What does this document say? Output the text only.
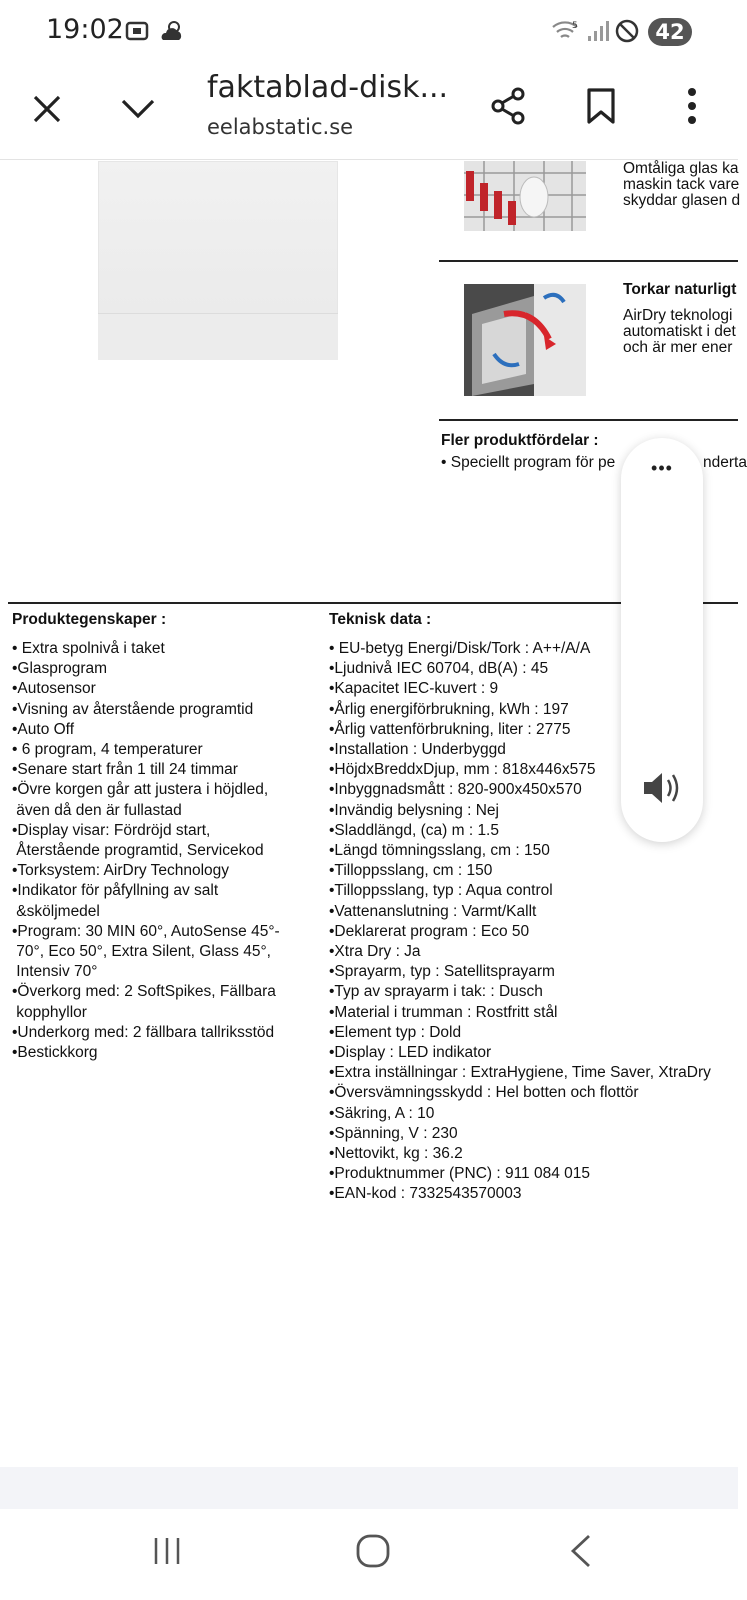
19:02	5	42
faktablad-disk...
eelabstatic.se
Omtåliga glas ka
maskin tack vare
skyddar glasen d
Torkar naturligt
AirDry teknologi
automatiskt i det
och är mer ener
Fler produktfördelar :
• Speciellt program för pe	nderta
Produktegenskaper :
• Extra spolnivå i taket
•Glasprogram
•Autosensor
•Visning av återstående programtid
•Auto Off
• 6 program, 4 temperaturer
•Senare start från 1 till 24 timmar
•Övre korgen går att justera i höjdled,
även då den är fullastad
•Display visar: Fördröjd start,
Återstående programtid, Servicekod
•Torksystem: AirDry Technology
•Indikator för påfyllning av salt
&sköljmedel
•Program: 30 MIN 60°, AutoSense 45°-
70°, Eco 50°, Extra Silent, Glass 45°,
Intensiv 70°
•Överkorg med: 2 SoftSpikes, Fällbara
kopphyllor
•Underkorg med: 2 fällbara tallriksstöd
•Bestickkorg
Teknisk data :
• EU-betyg Energi/Disk/Tork : A++/A/A
•Ljudnivå IEC 60704, dB(A) : 45
•Kapacitet IEC-kuvert : 9
•Årlig energiförbrukning, kWh : 197
•Årlig vattenförbrukning, liter : 2775
•Installation : Underbyggd
•HöjdxBreddxDjup, mm : 818x446x575
•Inbyggnadsmått : 820-900x450x570
•Invändig belysning : Nej
•Sladdlängd, (ca) m : 1.5
•Längd tömningsslang, cm : 150
•Tilloppsslang, cm : 150
•Tilloppsslang, typ : Aqua control
•Vattenanslutning : Varmt/Kallt
•Deklarerat program : Eco 50
•Xtra Dry : Ja
•Sprayarm, typ : Satellitsprayarm
•Typ av sprayarm i tak: : Dusch
•Material i trumman : Rostfritt stål
•Element typ : Dold
•Display : LED indikator
•Extra inställningar : ExtraHygiene, Time Saver, XtraDry
•Översvämningsskydd : Hel botten och flottör
•Säkring, A : 10
•Spänning, V : 230
•Nettovikt, kg : 36.2
•Produktnummer (PNC) : 911 084 015
•EAN-kod : 7332543570003
•••
